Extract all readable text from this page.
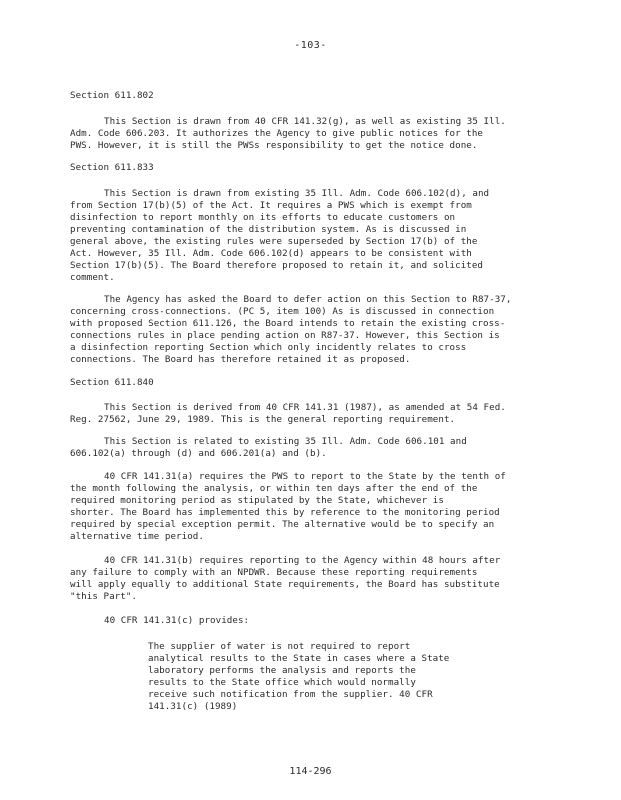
-103-
Section 611.802
This Section is drawn from 40 CFR 141.32(g), as well as existing 35 Ill.
Adm. Code 606.203. It authorizes the Agency to give public notices for the
PWS. However, it is still the PWSs responsibility to get the notice done.
Section 611.833
This Section is drawn from existing 35 Ill. Adm. Code 606.102(d), and
from Section 17(b)(5) of the Act. It requires a PWS which is exempt from
disinfection to report monthly on its efforts to educate customers on
preventing contamination of the distribution system. As is discussed in
general above, the existing rules were superseded by Section 17(b) of the
Act. However, 35 Ill. Adm. Code 606.102(d) appears to be consistent with
Section 17(b)(5). The Board therefore proposed to retain it, and solicited
comment.
The Agency has asked the Board to defer action on this Section to R87-37,
concerning cross-connections. (PC 5, item 100) As is discussed in connection
with proposed Section 611.126, the Board intends to retain the existing cross-
connections rules in place pending action on R87-37. However, this Section is
a disinfection reporting Section which only incidently relates to cross
connections. The Board has therefore retained it as proposed.
Section 611.840
This Section is derived from 40 CFR 141.31 (1987), as amended at 54 Fed.
Reg. 27562, June 29, 1989. This is the general reporting requirement.
This Section is related to existing 35 Ill. Adm. Code 606.101 and
606.102(a) through (d) and 606.201(a) and (b).
40 CFR 141.31(a) requires the PWS to report to the State by the tenth of
the month following the analysis, or within ten days after the end of the
required monitoring period as stipulated by the State, whichever is
shorter. The Board has implemented this by reference to the monitoring period
required by special exception permit. The alternative would be to specify an
alternative time period.
40 CFR 141.31(b) requires reporting to the Agency within 48 hours after
any failure to comply with an NPDWR. Because these reporting requirements
will apply equally to additional State requirements, the Board has substitute
"this Part".
40 CFR 141.31(c) provides:
The supplier of water is not required to report
analytical results to the State in cases where a State
laboratory performs the analysis and reports the
results to the State office which would normally
receive such notification from the supplier. 40 CFR
141.31(c) (1989)
114-296
